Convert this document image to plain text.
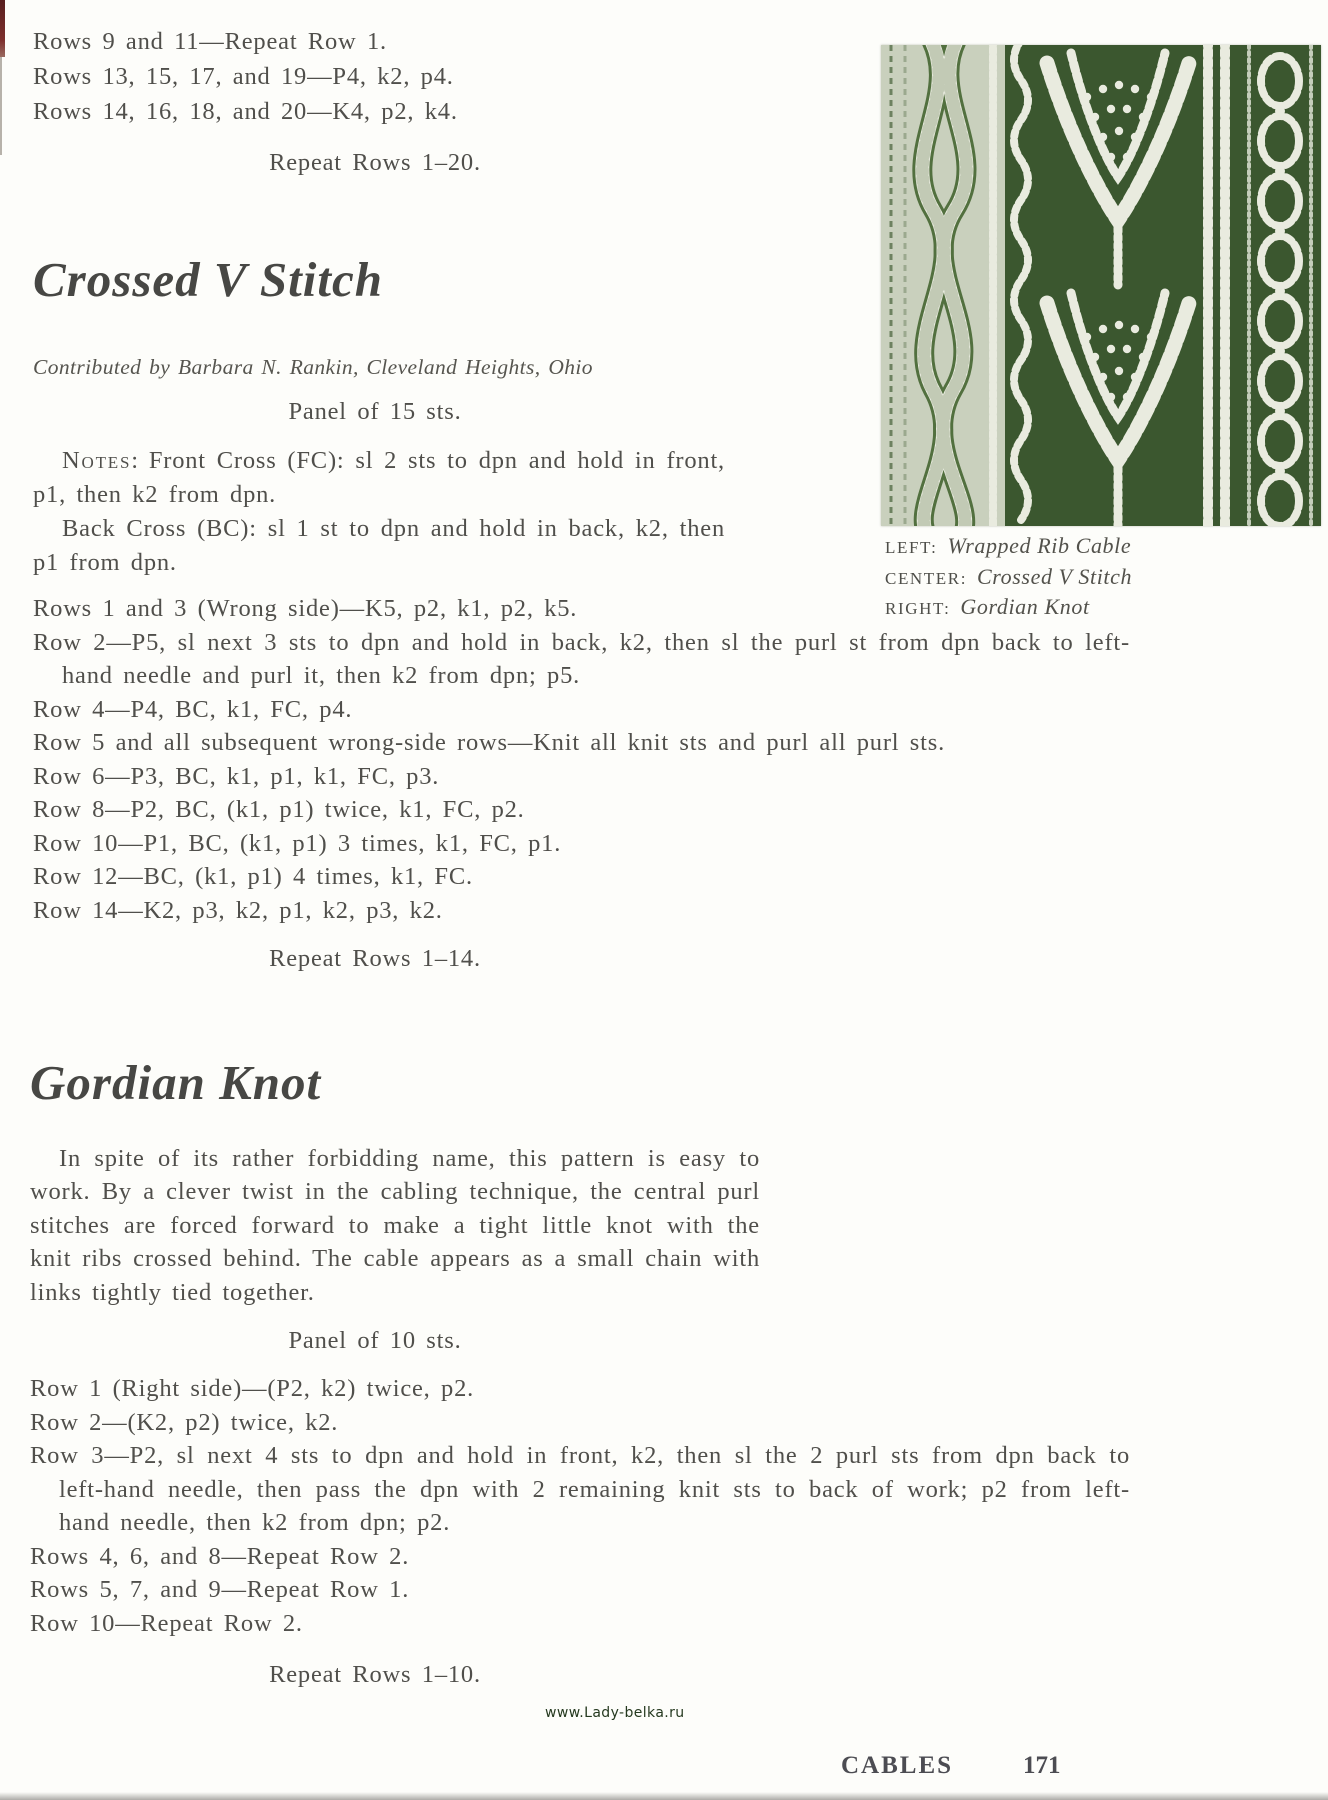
Rows 9 and 11—Repeat Row 1.

Rows 13, 15, 17, and 19—P4, k2, p4.

Rows 14, 16, 18, and 20—K4, p2, k4.

Repeat Rows 1–20.

Crossed V Stitch

Contributed by Barbara N. Rankin, Cleveland Heights, Ohio

Panel of 15 sts.

Notes: Front Cross (FC): sl 2 sts to dpn and hold in front, p1, then k2 from dpn.

Back Cross (BC): sl 1 st to dpn and hold in back, k2, then p1 from dpn.

Rows 1 and 3 (Wrong side)—K5, p2, k1, p2, k5.

Row 2—P5, sl next 3 sts to dpn and hold in back, k2, then sl the purl st from dpn back to left-hand needle and purl it, then k2 from dpn; p5.

Row 4—P4, BC, k1, FC, p4.

Row 5 and all subsequent wrong-side rows—Knit all knit sts and purl all purl sts.

Row 6—P3, BC, k1, p1, k1, FC, p3.

Row 8—P2, BC, (k1, p1) twice, k1, FC, p2.

Row 10—P1, BC, (k1, p1) 3 times, k1, FC, p1.

Row 12—BC, (k1, p1) 4 times, k1, FC.

Row 14—K2, p3, k2, p1, k2, p3, k2.

Repeat Rows 1–14.

LEFT: Wrapped Rib Cable
CENTER: Crossed V Stitch
RIGHT: Gordian Knot
Gordian Knot

In spite of its rather forbidding name, this pattern is easy to work. By a clever twist in the cabling technique, the central purl stitches are forced forward to make a tight little knot with the knit ribs crossed behind. The cable appears as a small chain with links tightly tied together.

Panel of 10 sts.

Row 1 (Right side)—(P2, k2) twice, p2.

Row 2—(K2, p2) twice, k2.

Row 3—P2, sl next 4 sts to dpn and hold in front, k2, then sl the 2 purl sts from dpn back to left-hand needle, then pass the dpn with 2 remaining knit sts to back of work; p2 from left-hand needle, then k2 from dpn; p2.

Rows 4, 6, and 8—Repeat Row 2.

Rows 5, 7, and 9—Repeat Row 1.

Row 10—Repeat Row 2.

Repeat Rows 1–10.

www.Lady-belka.ru
CABLES	171
